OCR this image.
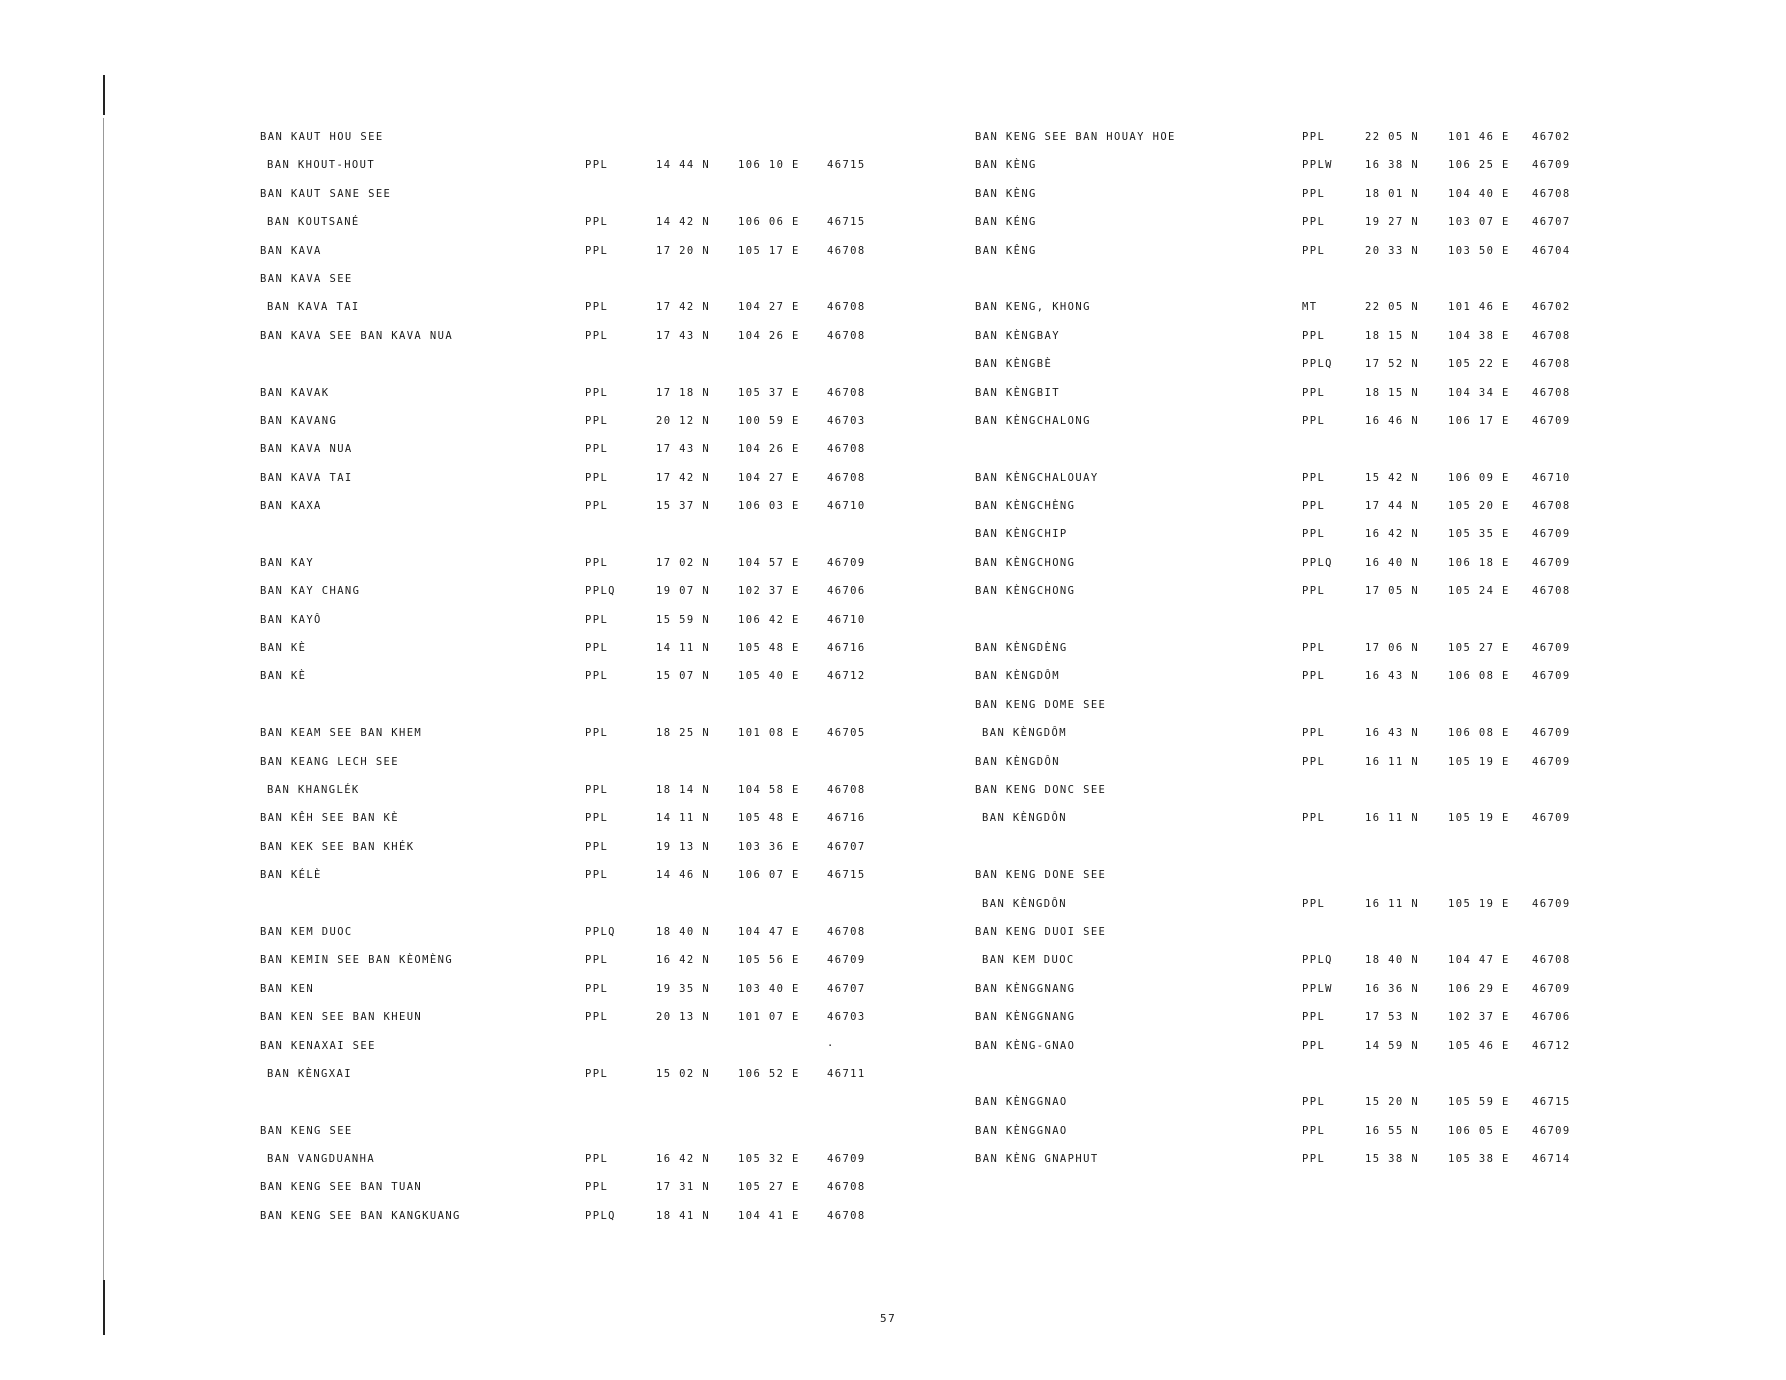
BAN KAUT HOU SEE
BAN KHOUT-HOUT	PPL	14 44 N	106 10 E	46715
BAN KAUT SANE SEE
BAN KOUTSANÉ	PPL	14 42 N	106 06 E	46715
BAN KAVA	PPL	17 20 N	105 17 E	46708
BAN KAVA SEE
BAN KAVA TAI	PPL	17 42 N	104 27 E	46708
BAN KAVA SEE BAN KAVA NUA	PPL	17 43 N	104 26 E	46708
BAN KAVAK	PPL	17 18 N	105 37 E	46708
BAN KAVANG	PPL	20 12 N	100 59 E	46703
BAN KAVA NUA	PPL	17 43 N	104 26 E	46708
BAN KAVA TAI	PPL	17 42 N	104 27 E	46708
BAN KAXA	PPL	15 37 N	106 03 E	46710
BAN KAY	PPL	17 02 N	104 57 E	46709
BAN KAY CHANG	PPLQ	19 07 N	102 37 E	46706
BAN KAYÔ	PPL	15 59 N	106 42 E	46710
BAN KÈ	PPL	14 11 N	105 48 E	46716
BAN KÈ	PPL	15 07 N	105 40 E	46712
BAN KEAM SEE BAN KHEM	PPL	18 25 N	101 08 E	46705
BAN KEANG LECH SEE
BAN KHANGLÉK	PPL	18 14 N	104 58 E	46708
BAN KÊH SEE BAN KÈ	PPL	14 11 N	105 48 E	46716
BAN KEK SEE BAN KHÉK	PPL	19 13 N	103 36 E	46707
BAN KÉLÈ	PPL	14 46 N	106 07 E	46715
BAN KEM DUOC	PPLQ	18 40 N	104 47 E	46708
BAN KEMIN SEE BAN KÈOMÈNG	PPL	16 42 N	105 56 E	46709
BAN KEN	PPL	19 35 N	103 40 E	46707
BAN KEN SEE BAN KHEUN	PPL	20 13 N	101 07 E	46703
BAN KENAXAI SEE	·
BAN KÈNGXAI	PPL	15 02 N	106 52 E	46711
BAN KENG SEE
BAN VANGDUANHA	PPL	16 42 N	105 32 E	46709
BAN KENG SEE BAN TUAN	PPL	17 31 N	105 27 E	46708
BAN KENG SEE BAN KANGKUANG	PPLQ	18 41 N	104 41 E	46708
BAN KENG SEE BAN HOUAY HOE	PPL	22 05 N	101 46 E 46702
BAN KÈNG	PPLW	16 38 N	106 25 E 46709
BAN KÈNG	PPL	18 01 N	104 40 E 46708
BAN KÉNG	PPL	19 27 N	103 07 E 46707
BAN KÊNG	PPL	20 33 N	103 50 E 46704
BAN KENG, KHONG	MT	22 05 N	101 46 E 46702
BAN KÈNGBAY	PPL	18 15 N	104 38 E 46708
BAN KÈNGBÈ	PPLQ	17 52 N	105 22 E 46708
BAN KÈNGBIT	PPL	18 15 N	104 34 E 46708
BAN KÈNGCHALONG	PPL	16 46 N	106 17 E 46709
BAN KÈNGCHALOUAY	PPL	15 42 N	106 09 E 46710
BAN KÈNGCHÈNG	PPL	17 44 N	105 20 E 46708
BAN KÈNGCHIP	PPL	16 42 N	105 35 E 46709
BAN KÈNGCHONG	PPLQ	16 40 N	106 18 E 46709
BAN KÈNGCHONG	PPL	17 05 N	105 24 E 46708
BAN KÈNGDÈNG	PPL	17 06 N	105 27 E 46709
BAN KÈNGDÔM	PPL	16 43 N	106 08 E 46709
BAN KENG DOME SEE
BAN KÈNGDÔM	PPL	16 43 N	106 08 E 46709
BAN KÈNGDÔN	PPL	16 11 N	105 19 E 46709
BAN KENG DONC SEE
BAN KÈNGDÔN	PPL	16 11 N	105 19 E 46709
BAN KENG DONE SEE
BAN KÈNGDÔN	PPL	16 11 N	105 19 E 46709
BAN KENG DUOI SEE
BAN KEM DUOC	PPLQ	18 40 N	104 47 E 46708
BAN KÈNGGNANG	PPLW	16 36 N	106 29 E 46709
BAN KÈNGGNANG	PPL	17 53 N	102 37 E 46706
BAN KÈNG-GNAO	PPL	14 59 N	105 46 E 46712
BAN KÈNGGNAO	PPL	15 20 N	105 59 E 46715
BAN KÈNGGNAO	PPL	16 55 N	106 05 E 46709
BAN KÈNG GNAPHUT	PPL	15 38 N	105 38 E 46714
57
